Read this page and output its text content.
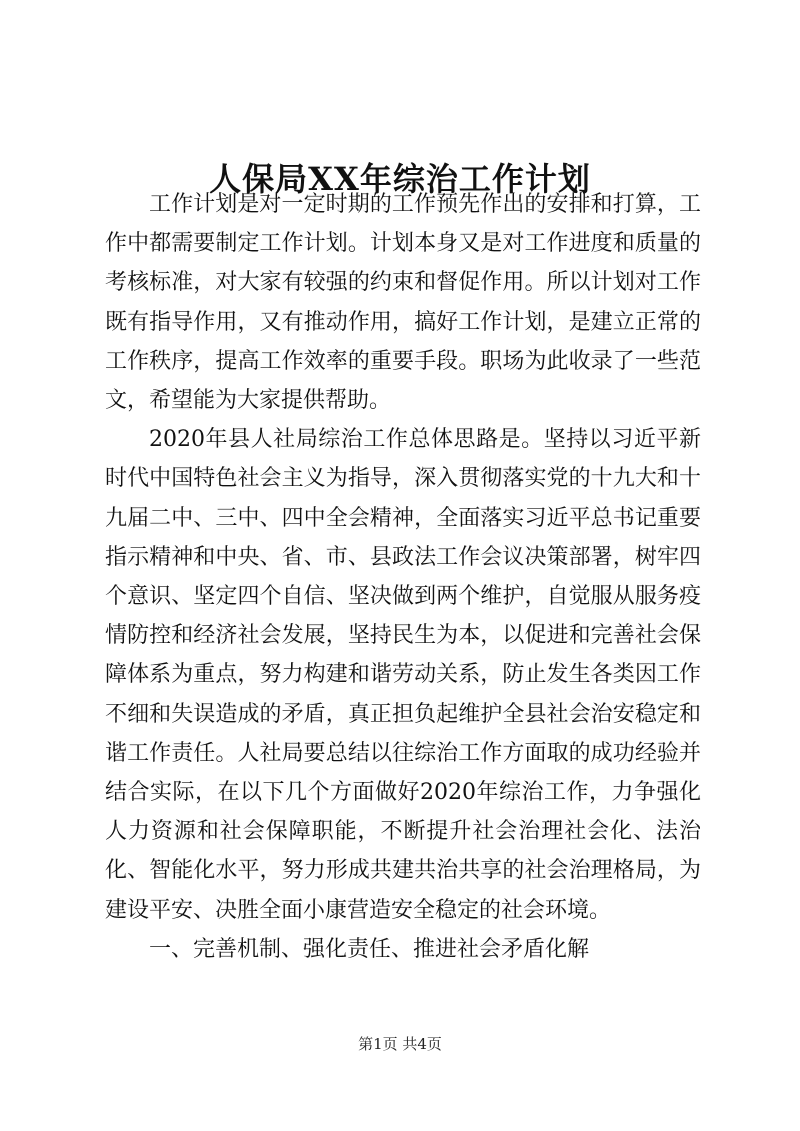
人保局XX年综治工作计划

工作计划是对一定时期的工作预先作出的安排和打算，工作中都需要制定工作计划。计划本身又是对工作进度和质量的考核标准，对大家有较强的约束和督促作用。所以计划对工作既有指导作用，又有推动作用，搞好工作计划，是建立正常的工作秩序，提高工作效率的重要手段。职场为此收录了一些范文，希望能为大家提供帮助。

2020年县人社局综治工作总体思路是。坚持以习近平新时代中国特色社会主义为指导，深入贯彻落实党的十九大和十九届二中、三中、四中全会精神，全面落实习近平总书记重要指示精神和中央、省、市、县政法工作会议决策部署，树牢四个意识、坚定四个自信、坚决做到两个维护，自觉服从服务疫情防控和经济社会发展，坚持民生为本，以促进和完善社会保障体系为重点，努力构建和谐劳动关系，防止发生各类因工作不细和失误造成的矛盾，真正担负起维护全县社会治安稳定和谐工作责任。人社局要总结以往综治工作方面取的成功经验并结合实际，在以下几个方面做好2020年综治工作，力争强化人力资源和社会保障职能，不断提升社会治理社会化、法治化、智能化水平，努力形成共建共治共享的社会治理格局，为建设平安、决胜全面小康营造安全稳定的社会环境。

一、完善机制、强化责任、推进社会矛盾化解

第1页 共4页
